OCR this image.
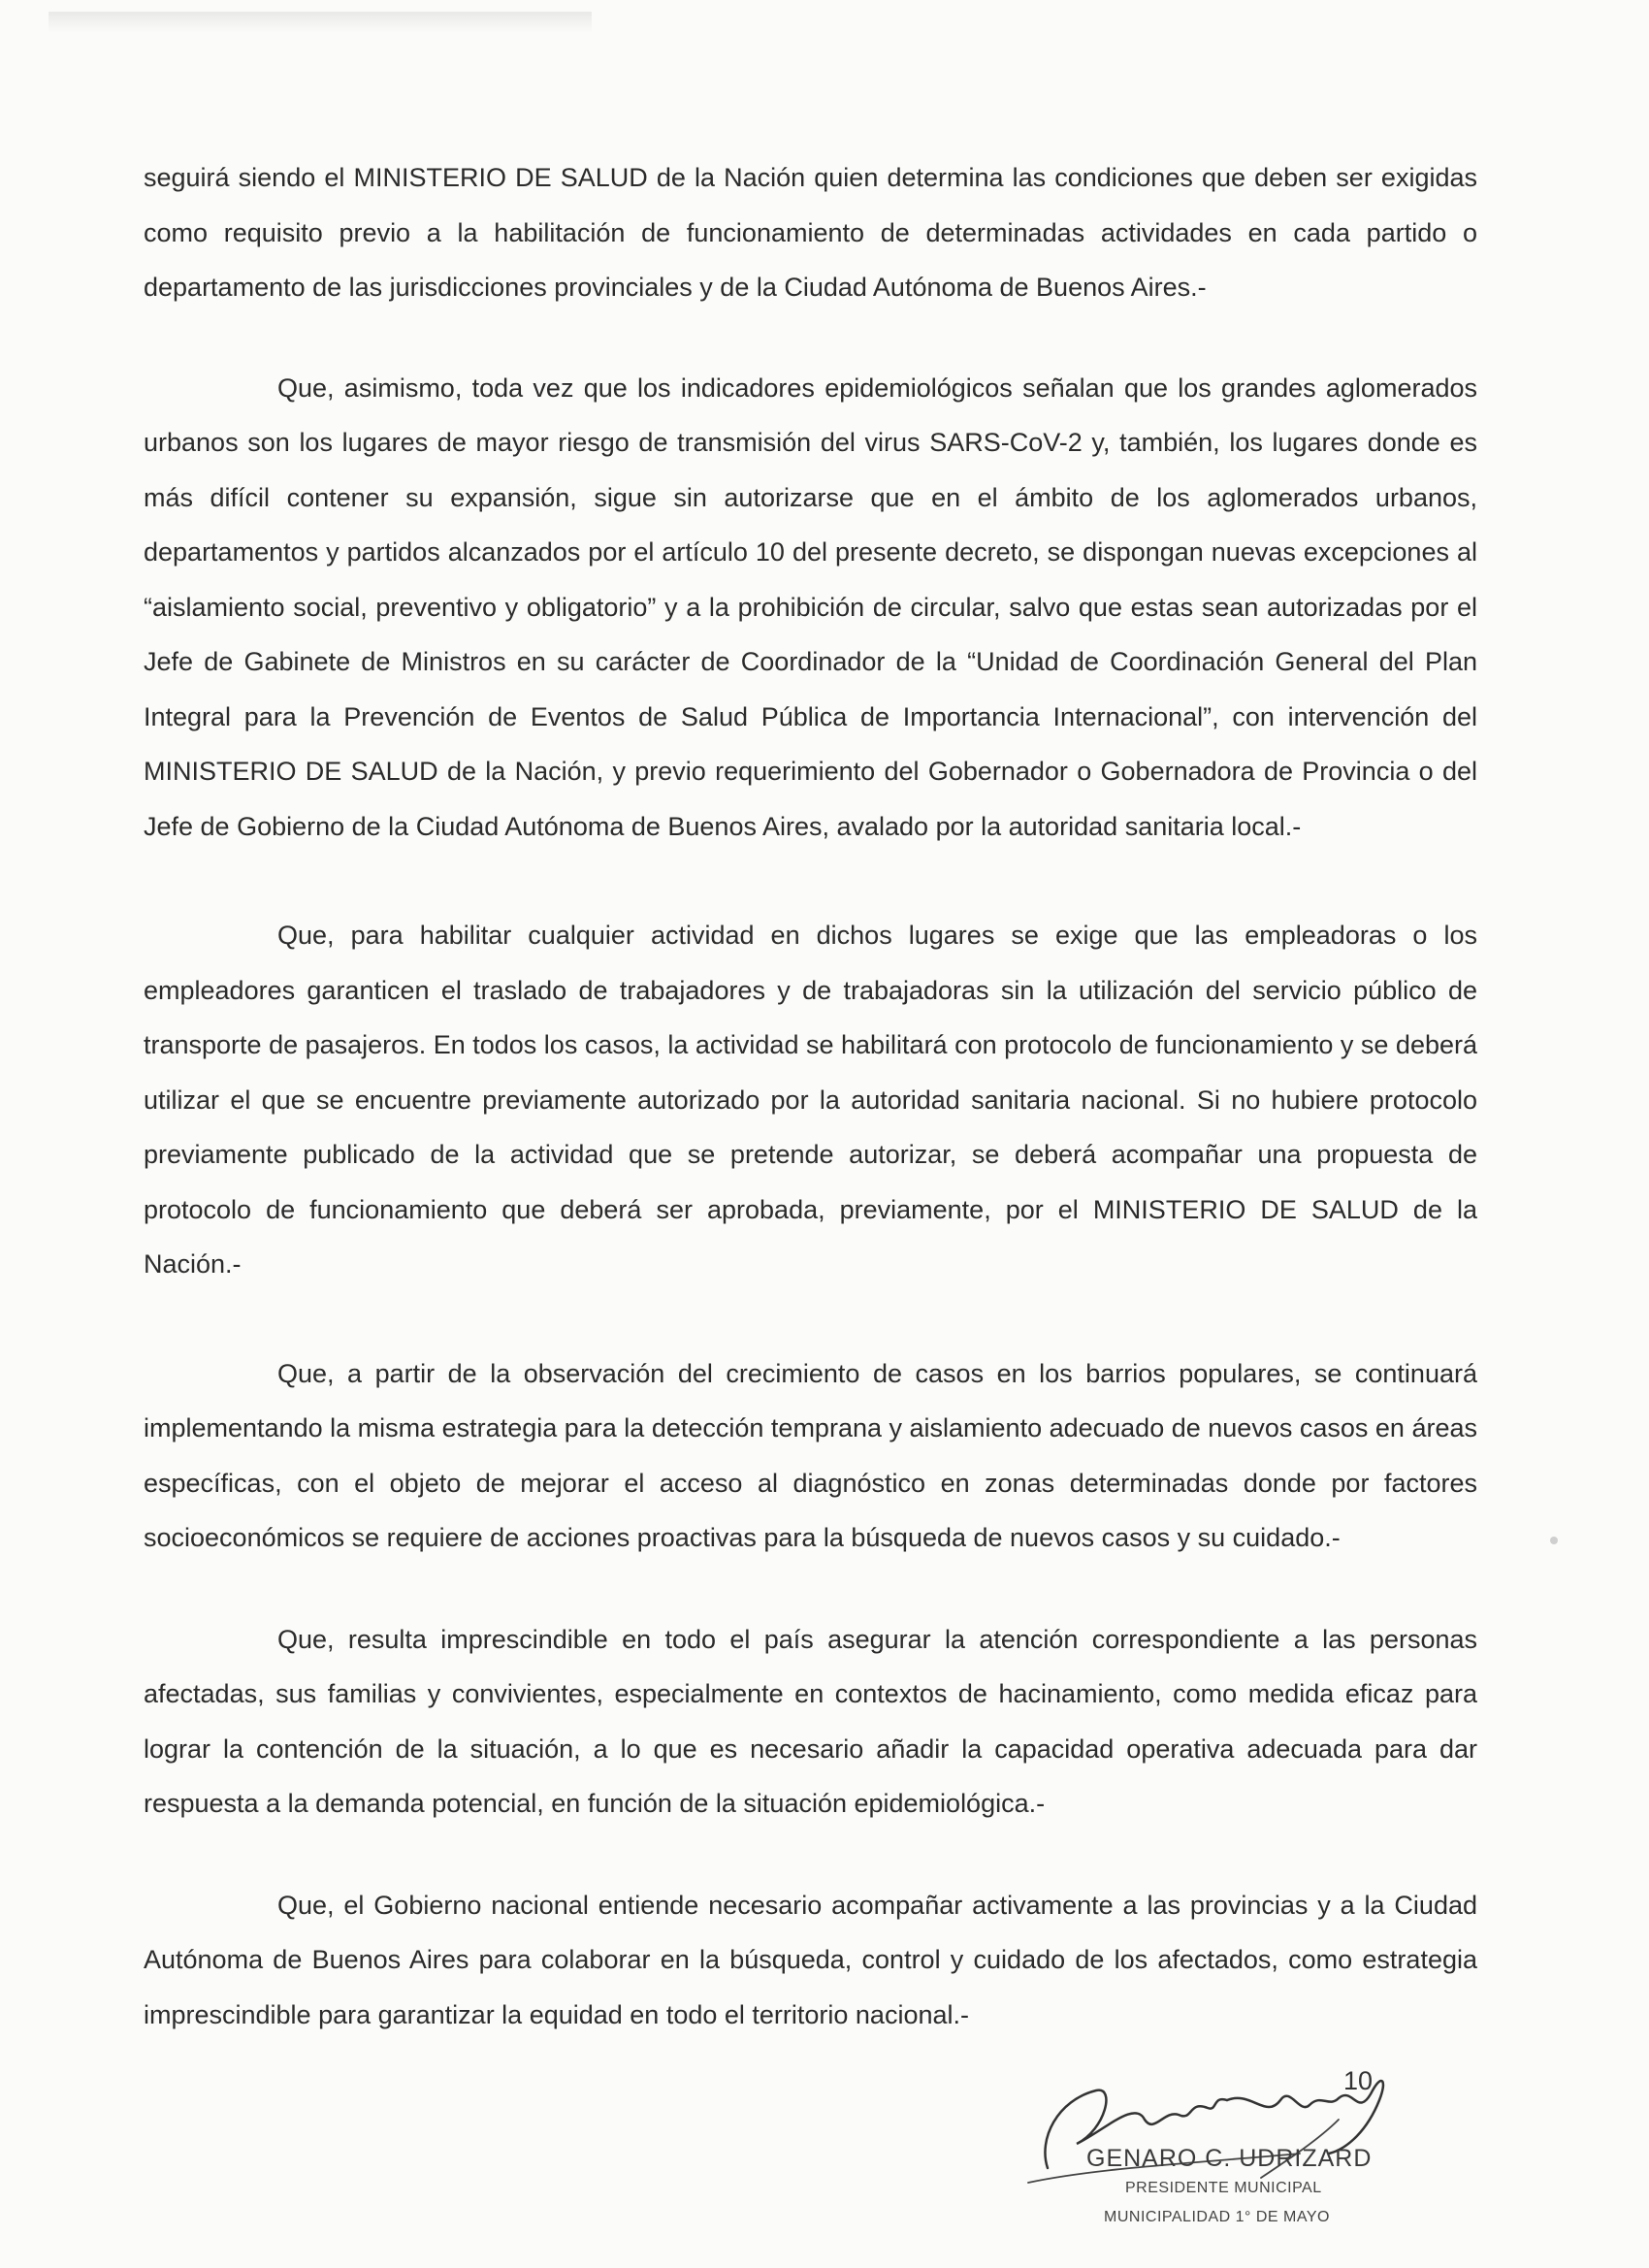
seguirá siendo el MINISTERIO DE SALUD de la Nación quien determina las condiciones que deben ser exigidas como requisito previo a la habilitación de funcionamiento de determinadas actividades en cada partido o departamento de las jurisdicciones provinciales y de la Ciudad Autónoma de Buenos Aires.-

Que, asimismo, toda vez que los indicadores epidemiológicos señalan que los grandes aglomerados urbanos son los lugares de mayor riesgo de transmisión del virus SARS-CoV-2 y, también, los lugares donde es más difícil contener su expansión, sigue sin autorizarse que en el ámbito de los aglomerados urbanos, departamentos y partidos alcanzados por el artículo 10 del presente decreto, se dispongan nuevas excepciones al “aislamiento social, preventivo y obligatorio” y a la prohibición de circular, salvo que estas sean autorizadas por el Jefe de Gabinete de Ministros en su carácter de Coordinador de la “Unidad de Coordinación General del Plan Integral para la Prevención de Eventos de Salud Pública de Importancia Internacional”, con intervención del MINISTERIO DE SALUD de la Nación, y previo requerimiento del Gobernador o Gobernadora de Provincia o del Jefe de Gobierno de la Ciudad Autónoma de Buenos Aires, avalado por la autoridad sanitaria local.-

Que, para habilitar cualquier actividad en dichos lugares se exige que las empleadoras o los empleadores garanticen el traslado de trabajadores y de trabajadoras sin la utilización del servicio público de transporte de pasajeros. En todos los casos, la actividad se habilitará con protocolo de funcionamiento y se deberá utilizar el que se encuentre previamente autorizado por la autoridad sanitaria nacional. Si no hubiere protocolo previamente publicado de la actividad que se pretende autorizar, se deberá acompañar una propuesta de protocolo de funcionamiento que deberá ser aprobada, previamente, por el MINISTERIO DE SALUD de la Nación.-

Que, a partir de la observación del crecimiento de casos en los barrios populares, se continuará implementando la misma estrategia para la detección temprana y aislamiento adecuado de nuevos casos en áreas específicas, con el objeto de mejorar el acceso al diagnóstico en zonas determinadas donde por factores socioeconómicos se requiere de acciones proactivas para la búsqueda de nuevos casos y su cuidado.-

Que, resulta imprescindible en todo el país asegurar la atención correspondiente a las personas afectadas, sus familias y convivientes, especialmente en contextos de hacinamiento, como medida eficaz para lograr la contención de la situación, a lo que es necesario añadir la capacidad operativa adecuada para dar respuesta a la demanda potencial, en función de la situación epidemiológica.-

Que, el Gobierno nacional entiende necesario acompañar activamente a las provincias y a la Ciudad Autónoma de Buenos Aires para colaborar en la búsqueda, control y cuidado de los afectados, como estrategia imprescindible para garantizar la equidad en todo el territorio nacional.-

GENARO C. UDRIZARD
PRESIDENTE MUNICIPAL
MUNICIPALIDAD 1° DE MAYO
10
